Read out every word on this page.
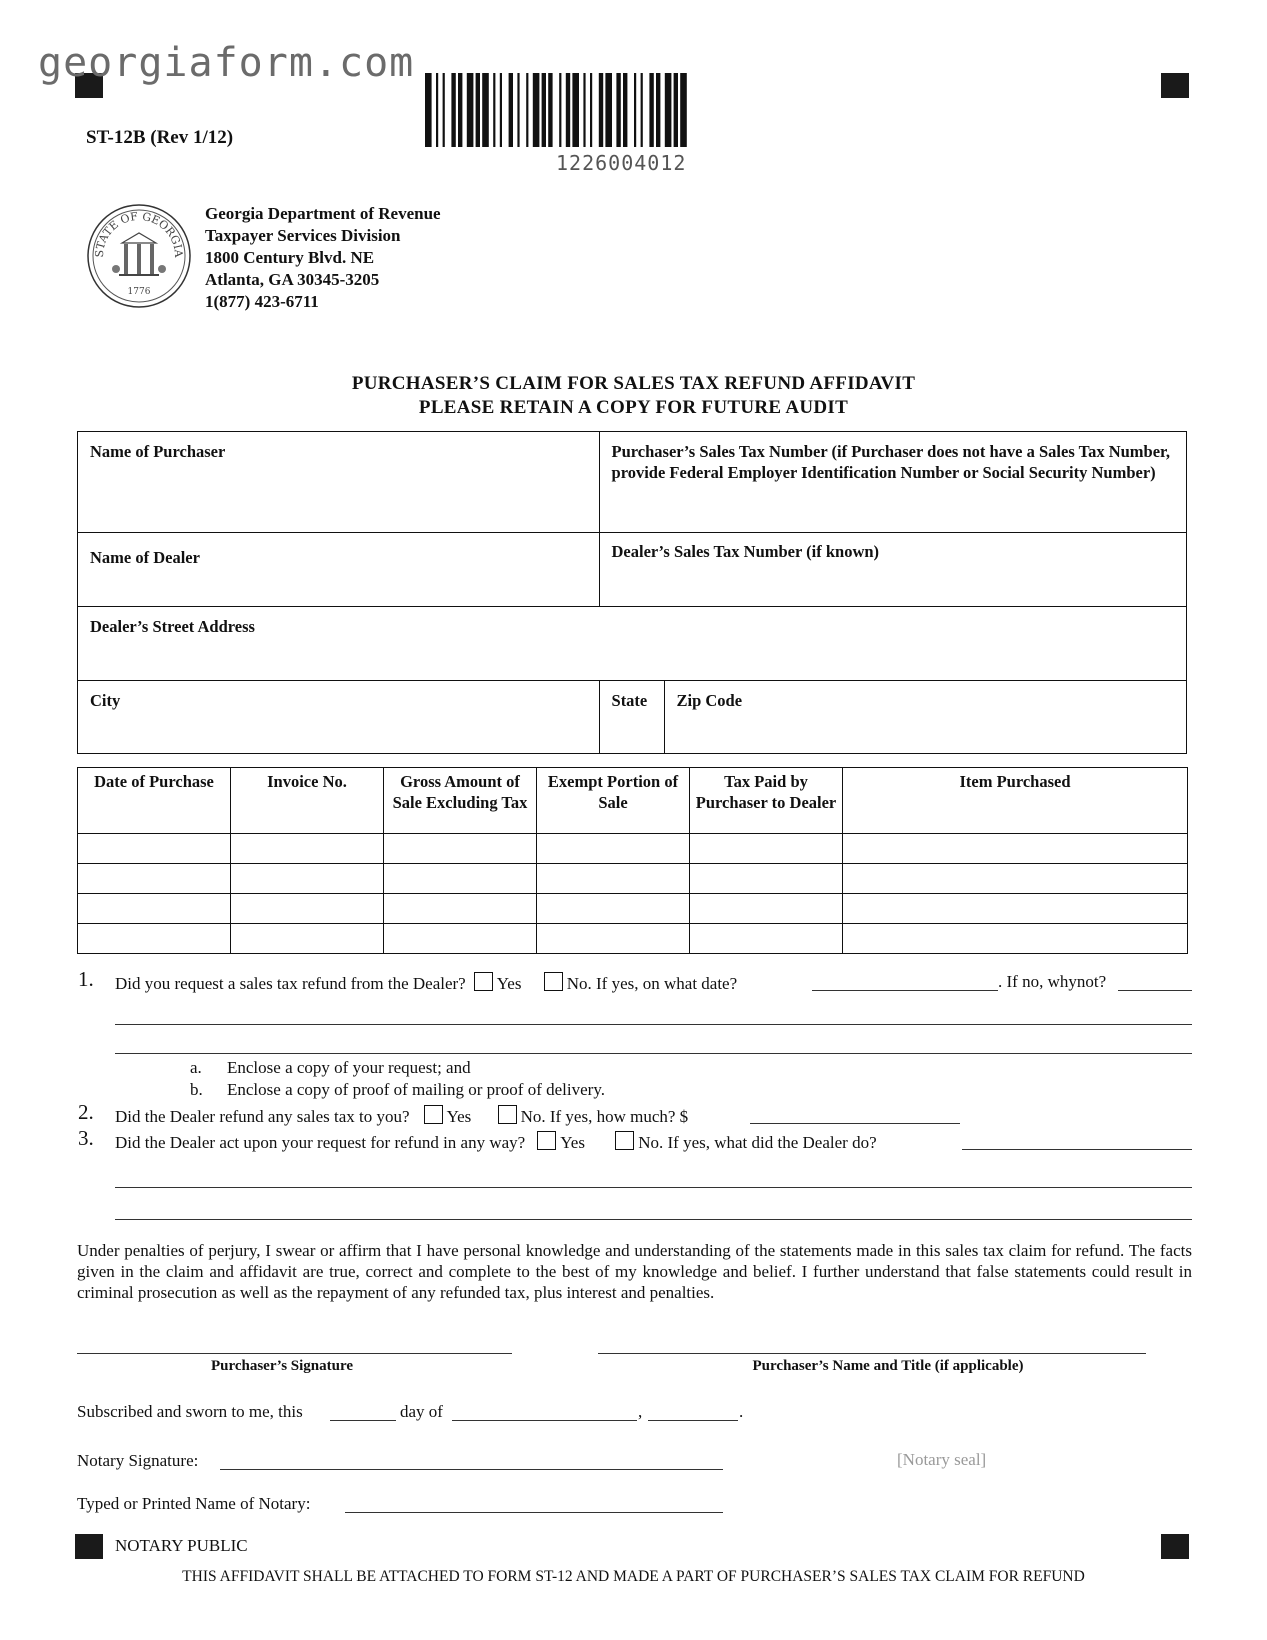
georgiaform.com
ST-12B (Rev 1/12)
1226004012
STATE OF GEORGIA
1776
Georgia Department of Revenue
Taxpayer Services Division
1800 Century Blvd. NE
Atlanta, GA 30345-3205
1(877) 423-6711
PURCHASER’S CLAIM FOR SALES TAX REFUND AFFIDAVIT
PLEASE RETAIN A COPY FOR FUTURE AUDIT
Name of Purchaser	Purchaser’s Sales Tax Number (if Purchaser does not have a Sales Tax Number, provide Federal Employer Identification Number or Social Security Number)	
Name of Dealer	Dealer’s Sales Tax Number (if known)	
Dealer’s Street Address		
City	State	Zip Code
Date of Purchase	Invoice No.	Gross Amount of Sale Excluding Tax	Exempt Portion of Sale	Tax Paid by Purchaser to Dealer	Item Purchased

1. Did you request a sales tax refund from the Dealer? Yes	No. If yes, on what date?	. If no, whynot?
a. Enclose a copy of your request; and
b. Enclose a copy of proof of mailing or proof of delivery.
2. Did the Dealer refund any sales tax to you? Yes	No. If yes, how much? $
3. Did the Dealer act upon your request for refund in any way? Yes	No. If yes, what did the Dealer do?
Under penalties of perjury, I swear or affirm that I have personal knowledge and understanding of the statements made in this sales tax claim for refund. The facts given in the claim and affidavit are true, correct and complete to the best of my knowledge and belief. I further understand that false statements could result in criminal prosecution as well as the repayment of any refunded tax, plus interest and penalties.
Purchaser’s Signature	Purchaser’s Name and Title (if applicable)
Subscribed and sworn to me, this	day of	,	.
Notary Signature:	[Notary seal]
Typed or Printed Name of Notary:
NOTARY PUBLIC
THIS AFFIDAVIT SHALL BE ATTACHED TO FORM ST-12 AND MADE A PART OF PURCHASER’S SALES TAX CLAIM FOR REFUND
